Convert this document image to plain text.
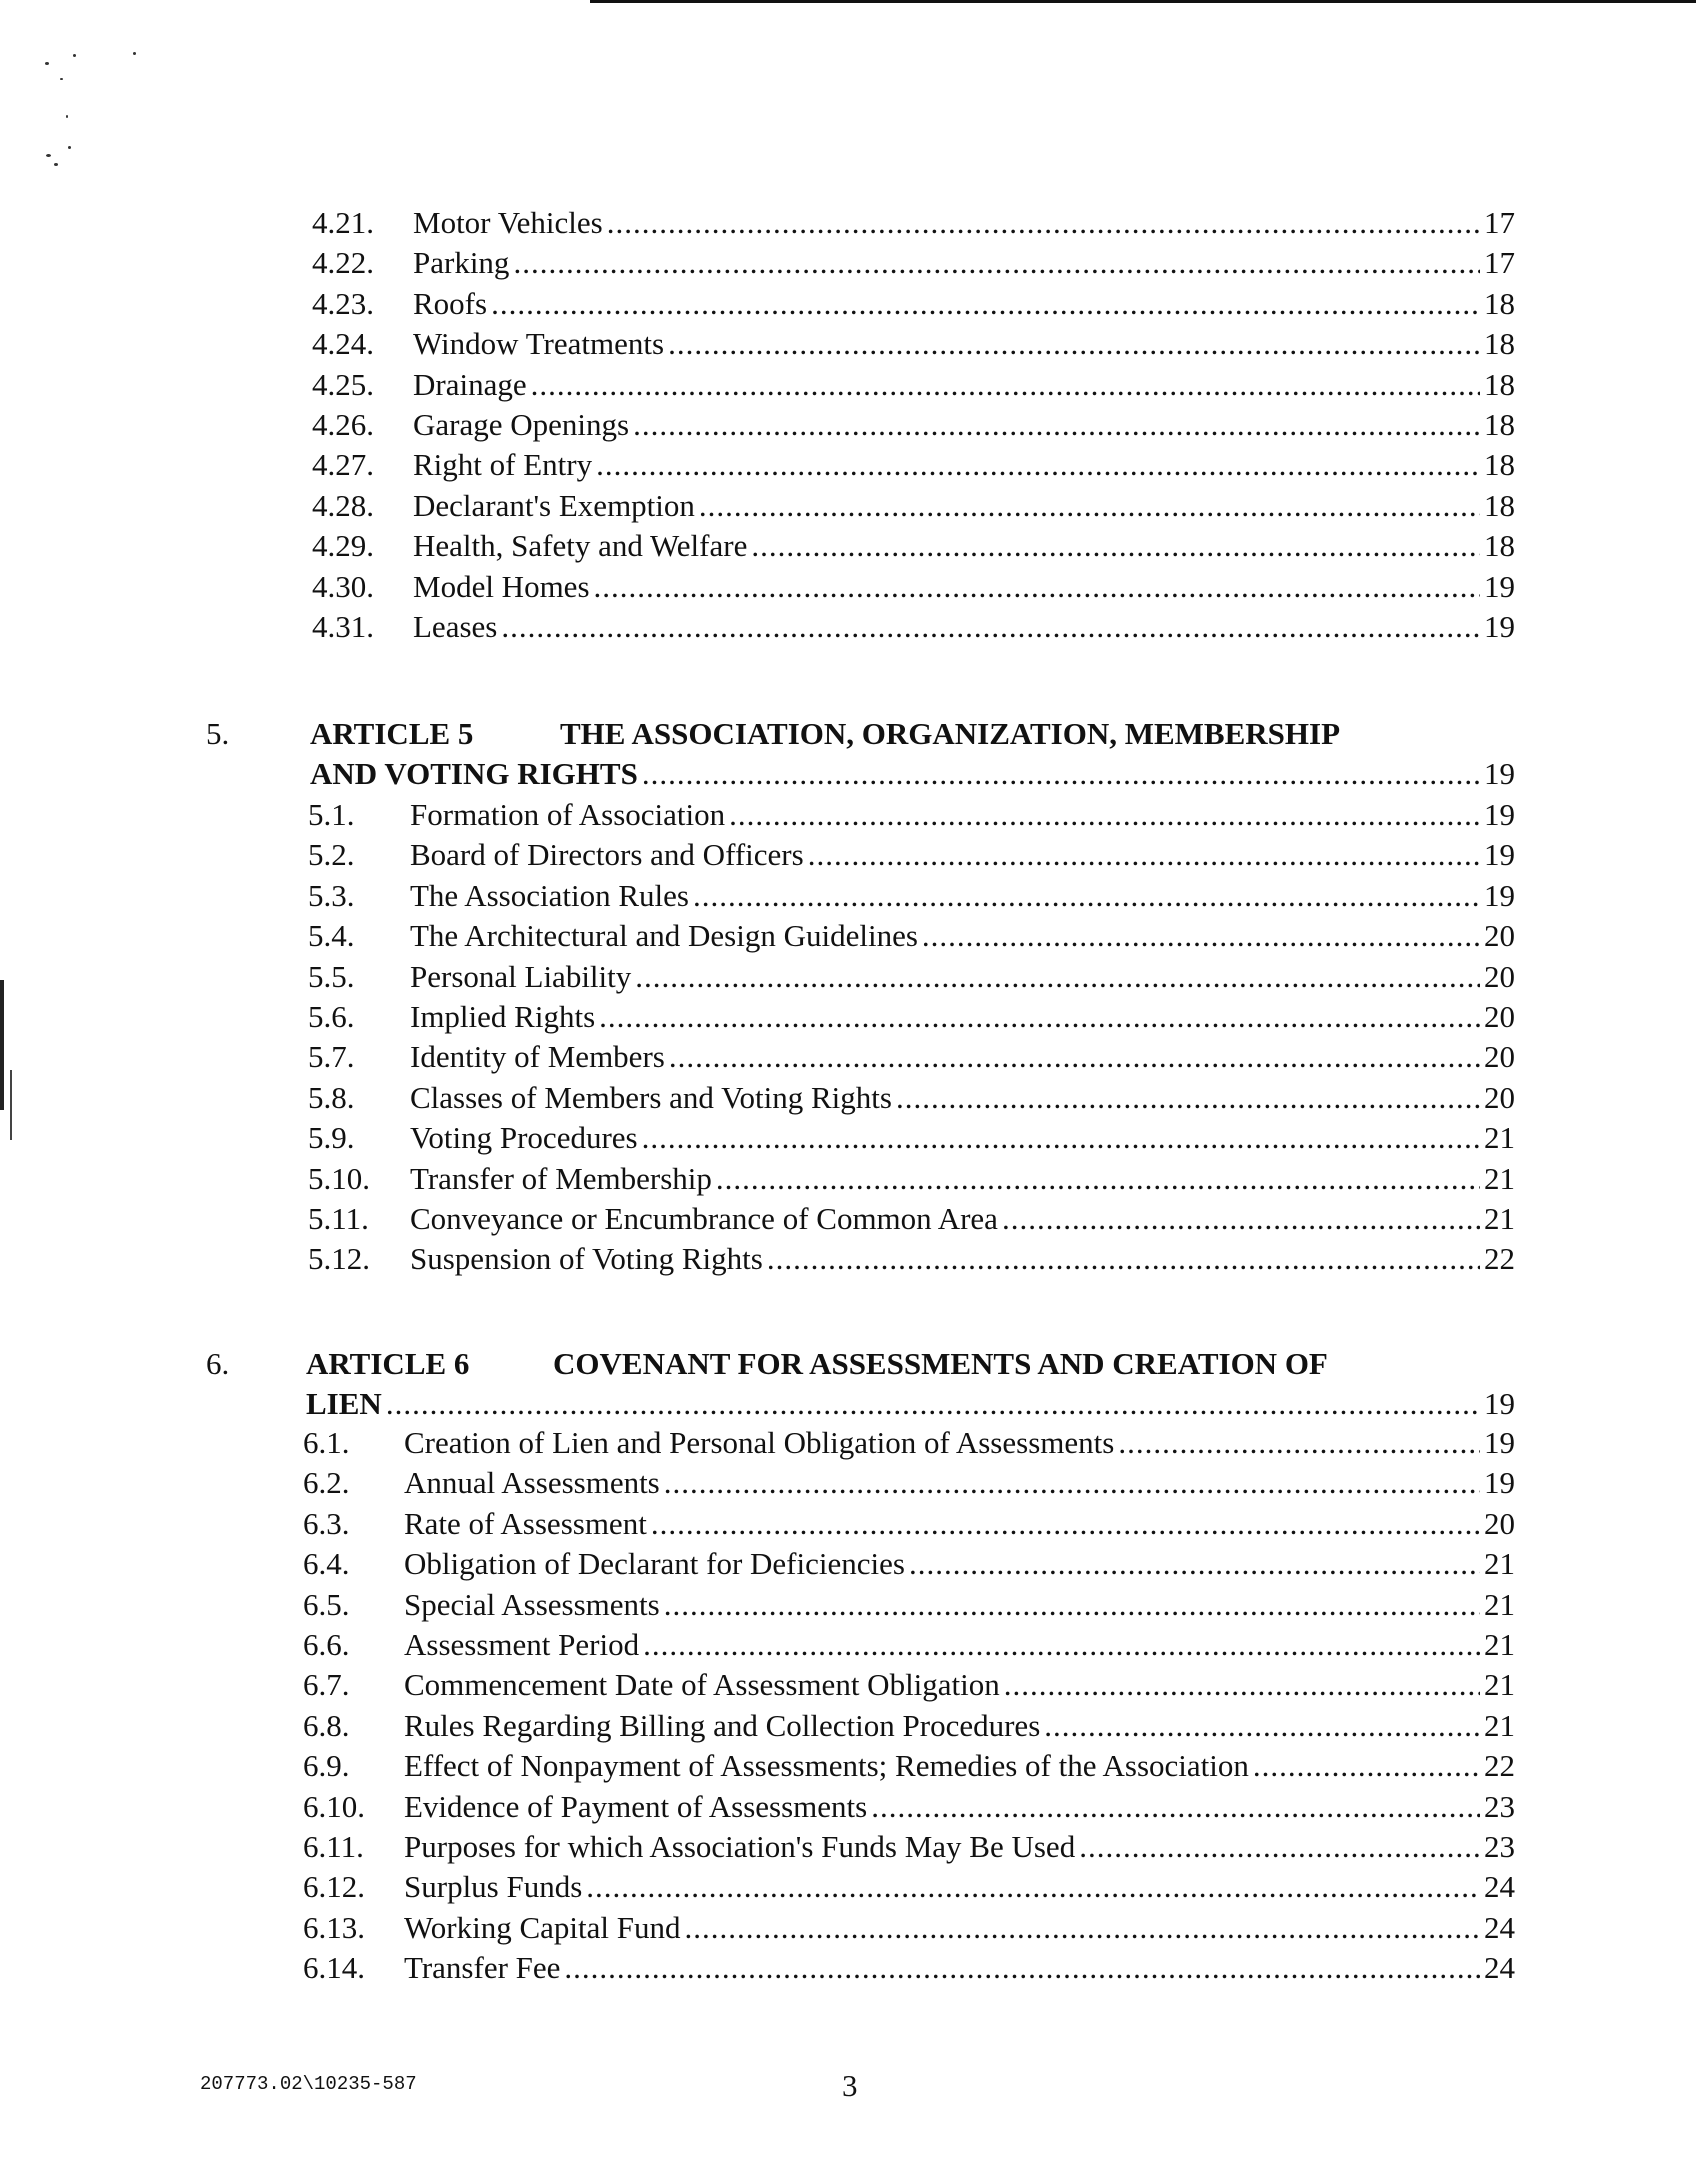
4.21. Motor Vehicles .....	17
4.22. Parking .....	17
4.23. Roofs .....	18
4.24. Window Treatments .....	18
4.25. Drainage .....	18
4.26. Garage Openings .....	18
4.27. Right of Entry .....	18
4.28. Declarant's Exemption .....	18
4.29. Health, Safety and Welfare .....	18
4.30. Model Homes .....	19
4.31. Leases .....	19
5.	ARTICLE 5	THE ASSOCIATION, ORGANIZATION, MEMBERSHIP
AND VOTING RIGHTS .....	19
5.1. Formation of Association .....	19
5.2. Board of Directors and Officers .....	19
5.3. The Association Rules .....	19
5.4. The Architectural and Design Guidelines .....	20
5.5. Personal Liability .....	20
5.6. Implied Rights .....	20
5.7. Identity of Members .....	20
5.8. Classes of Members and Voting Rights .....	20
5.9. Voting Procedures .....	21
5.10. Transfer of Membership .....	21
5.11. Conveyance or Encumbrance of Common Area .....	21
5.12. Suspension of Voting Rights .....	22
6. ARTICLE 6	COVENANT FOR ASSESSMENTS AND CREATION OF
LIEN .....	19
6.1. Creation of Lien and Personal Obligation of Assessments .....	19
6.2. Annual Assessments .....	19
6.3. Rate of Assessment .....	20
6.4. Obligation of Declarant for Deficiencies .....	21
6.5. Special Assessments .....	21
6.6. Assessment Period .....	21
6.7. Commencement Date of Assessment Obligation .....	21
6.8. Rules Regarding Billing and Collection Procedures .....	21
6.9. Effect of Nonpayment of Assessments; Remedies of the Association .....	22
6.10. Evidence of Payment of Assessments .....	23
6.11. Purposes for which Association's Funds May Be Used .....	23
6.12. Surplus Funds .....	24
6.13. Working Capital Fund .....	24
6.14. Transfer Fee .....	24
207773.02\10235-587	3
